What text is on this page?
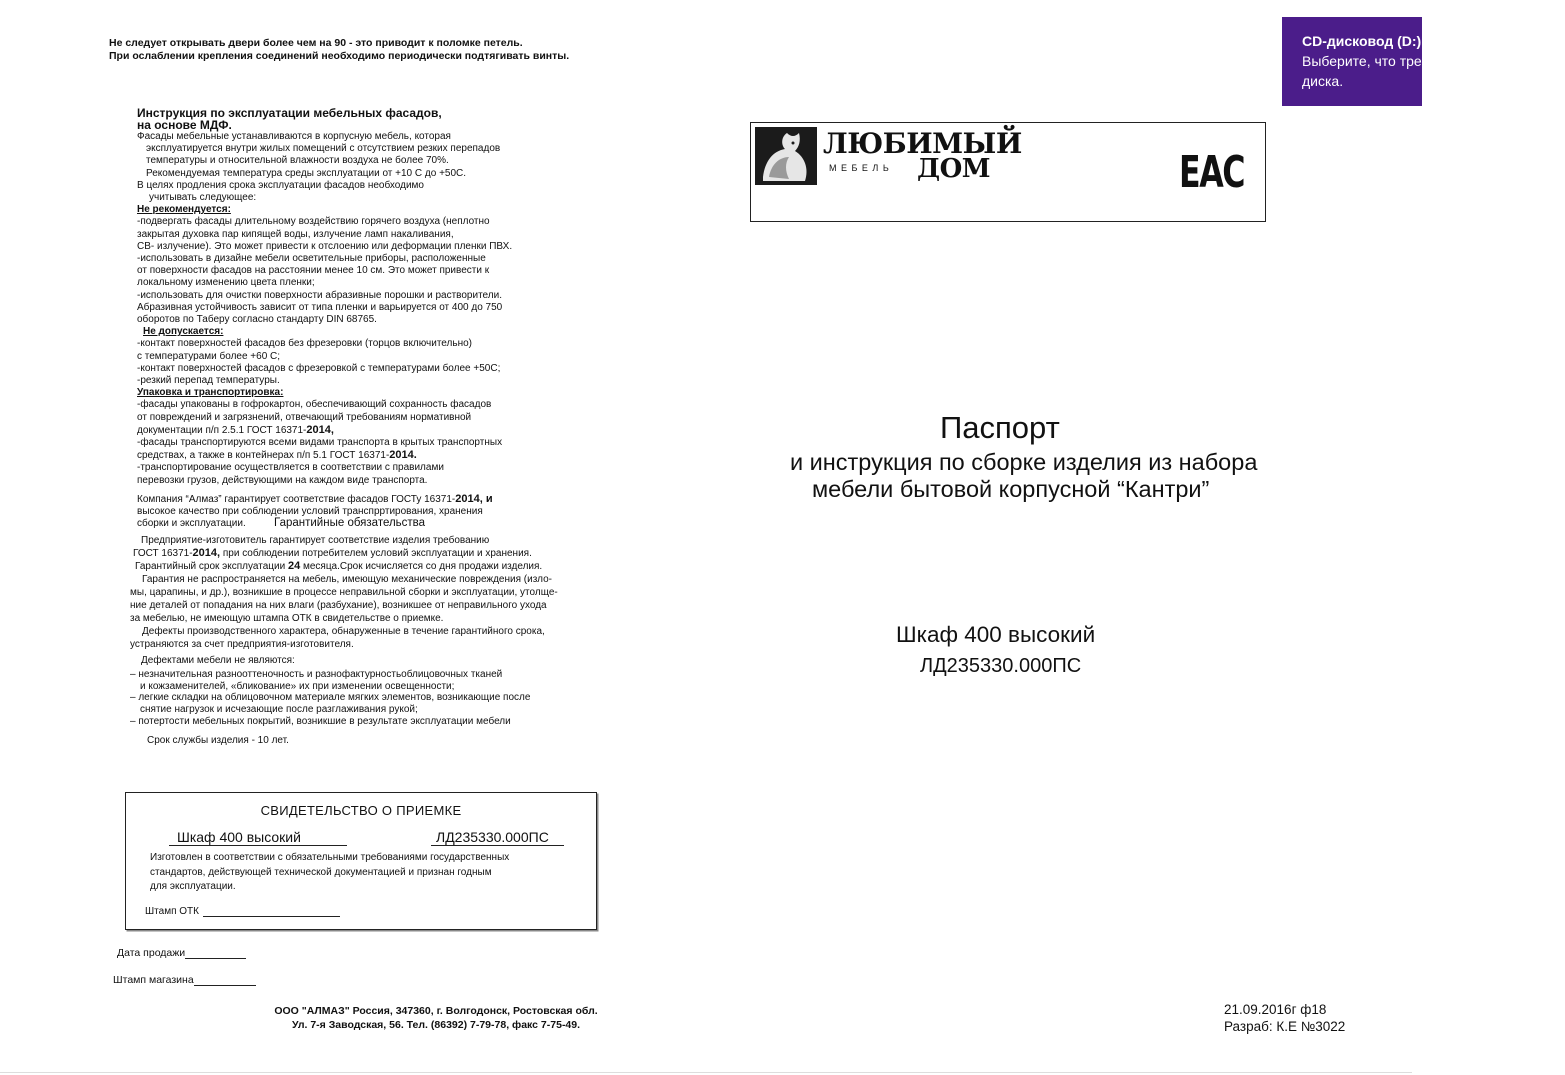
Не следует открывать двери более чем на 90 - это приводит к поломке петель.
При ослаблении крепления соединений необходимо периодически подтягивать винты.
Инструкция по эксплуатации мебельных фасадов,
на основе МДФ.
Фасады мебельные устанавливаются в корпусную мебель, которая
эксплуатируется внутри жилых помещений с отсутствием резких перепадов
температуры и относительной влажности воздуха не более 70%.
Рекомендуемая температура среды эксплуатации от +10 С до +50С.
В целях продления срока эксплуатации фасадов необходимо
учитывать следующее:
Не рекомендуется:
-подвергать фасады длительному воздействию горячего воздуха (неплотно
закрытая духовка пар кипящей воды, излучение ламп накаливания,
СВ- излучение). Это может привести к отслоению или деформации пленки ПВХ.
-использовать в дизайне мебели осветительные приборы, расположенные
от поверхности фасадов на расстоянии менее 10 см. Это может привести к
локальному изменению цвета пленки;
-использовать для очистки поверхности абразивные порошки и растворители.
Абразивная устойчивость зависит от типа пленки и варьируется от 400 до 750
оборотов по Таберу согласно стандарту DIN 68765.
Не допускается:
-контакт поверхностей фасадов без фрезеровки (торцов включительно)
с температурами более +60 С;
-контакт поверхностей фасадов с фрезеровкой с температурами более +50С;
-резкий перепад температуры.
Упаковка и транспортировка:
-фасады упакованы в гофрокартон, обеспечивающий сохранность фасадов
от повреждений и загрязнений, отвечающий требованиям нормативной
документации п/п 2.5.1 ГОСТ 16371-2014,
-фасады транспортируются всеми видами транспорта в крытых транспортных
средствах, а также в контейнерах п/п 5.1 ГОСТ 16371-2014.
-транспортирование осуществляется в соответствии с правилами
перевозки грузов, действующими на каждом виде транспорта.
Компания “Алмаз” гарантирует соответствие фасадов ГОСТу 16371-2014, и
высокое качество при соблюдении условий транспрртирования, хранения
сборки и эксплуатации.	Гарантийные обязательства
Предприятие-изготовитель гарантирует соответствие изделия требованию
ГОСТ 16371-2014, при соблюдении потребителем условий эксплуатации и хранения.
Гарантийный срок эксплуатации 24 месяца.Срок исчисляется со дня продажи изделия.
Гарантия не распространяется на мебель, имеющую механические повреждения (изло-
мы, царапины, и др.), возникшие в процессе неправильной сборки и эксплуатации, утолще-
ние деталей от попадания на них влаги (разбухание), возникшее от неправильного ухода
за мебелью, не имеющую штампа ОТК в свидетельстве о приемке.
Дефекты производственного характера, обнаруженные в течение гарантийного срока,
устраняются за счет предприятия-изготовителя.
Дефектами мебели не являются:
– незначительная разнооттеночность и разнофактурностьоблицовочных тканей
и кожзаменителей, «бликование» их при изменении освещенности;
– легкие складки на облицовочном материале мягких элементов, возникающие после
снятие нагрузок и исчезающие после разглаживания рукой;
– потертости мебельных покрытий, возникшие в результате эксплуатации мебели
Срок службы изделия - 10 лет.
СВИДЕТЕЛЬСТВО О ПРИЕМКЕ
Шкаф 400 высокий	ЛД235330.000ПС
Изготовлен в соответствии с обязательными требованиями государственных
стандартов, действующей технической документацией и признан годным
для эксплуатации.
Штамп ОТК
Дата продажи
Штамп магазина
ООО "АЛМАЗ" Россия, 347360, г. Волгодонск, Ростовская обл.
Ул. 7-я Заводская, 56. Тел. (86392) 7-79-78, факс 7-75-49.
ЛЮБИМЫЙ
МЕБЕЛЬ ДОМ	EAC
Паспорт
и инструкция по сборке изделия из набора
мебели бытовой корпусной “Кантри”
Шкаф 400 высокий
ЛД235330.000ПС
21.09.2016г ф18
Разраб: К.Е №3022
CD-дисковод (D:)
Выберите, что требуется сделать с этим
диска.
